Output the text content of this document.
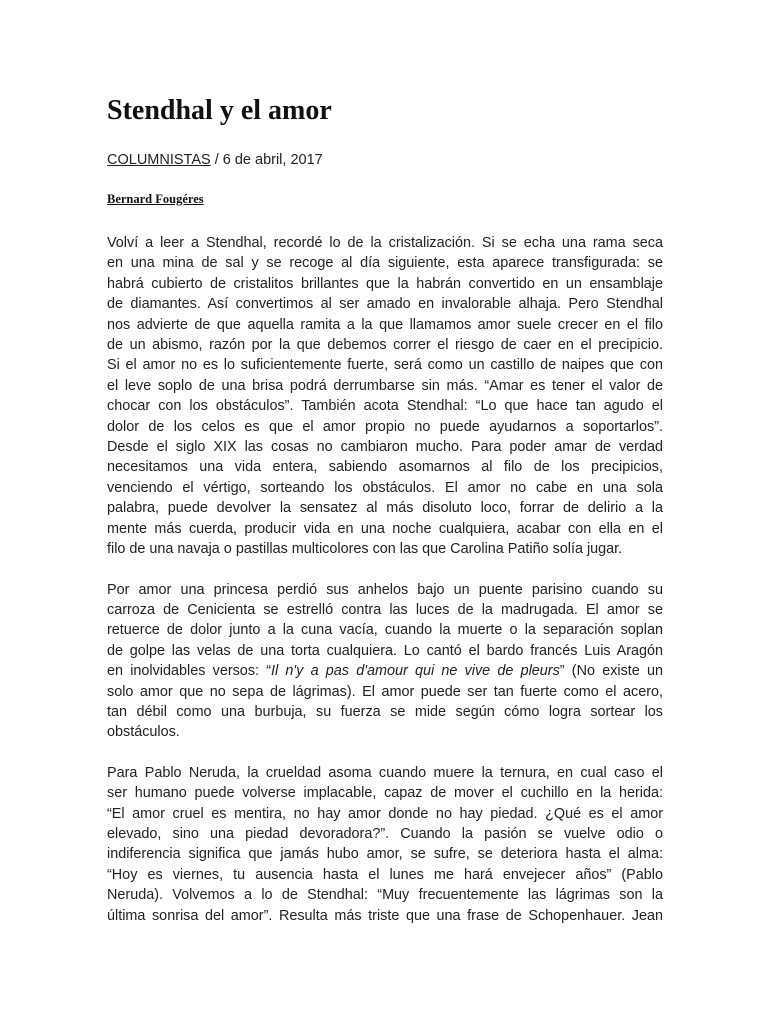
Stendhal y el amor
COLUMNISTAS / 6 de abril, 2017
Bernard Fougéres

Volví a leer a Stendhal, recordé lo de la cristalización. Si se echa una rama seca
en una mina de sal y se recoge al día siguiente, esta aparece transfigurada: se
habrá cubierto de cristalitos brillantes que la habrán convertido en un ensamblaje
de diamantes. Así convertimos al ser amado en invalorable alhaja. Pero Stendhal
nos advierte de que aquella ramita a la que llamamos amor suele crecer en el filo
de un abismo, razón por la que debemos correr el riesgo de caer en el precipicio.
Si el amor no es lo suficientemente fuerte, será como un castillo de naipes que con
el leve soplo de una brisa podrá derrumbarse sin más. “Amar es tener el valor de
chocar con los obstáculos”. También acota Stendhal: “Lo que hace tan agudo el
dolor de los celos es que el amor propio no puede ayudarnos a soportarlos”.
Desde el siglo XIX las cosas no cambiaron mucho. Para poder amar de verdad
necesitamos una vida entera, sabiendo asomarnos al filo de los precipicios,
venciendo el vértigo, sorteando los obstáculos. El amor no cabe en una sola
palabra, puede devolver la sensatez al más disoluto loco, forrar de delirio a la
mente más cuerda, producir vida en una noche cualquiera, acabar con ella en el
filo de una navaja o pastillas multicolores con las que Carolina Patiño solía jugar.

Por amor una princesa perdió sus anhelos bajo un puente parisino cuando su
carroza de Cenicienta se estrelló contra las luces de la madrugada. El amor se
retuerce de dolor junto a la cuna vacía, cuando la muerte o la separación soplan
de golpe las velas de una torta cualquiera. Lo cantó el bardo francés Luis Aragón
en inolvidables versos: “Il n'y a pas d'amour qui ne vive de pleurs” (No existe un
solo amor que no sepa de lágrimas). El amor puede ser tan fuerte como el acero,
tan débil como una burbuja, su fuerza se mide según cómo logra sortear los
obstáculos.

Para Pablo Neruda, la crueldad asoma cuando muere la ternura, en cual caso el
ser humano puede volverse implacable, capaz de mover el cuchillo en la herida:
“El amor cruel es mentira, no hay amor donde no hay piedad. ¿Qué es el amor
elevado, sino una piedad devoradora?”. Cuando la pasión se vuelve odio o
indiferencia significa que jamás hubo amor, se sufre, se deteriora hasta el alma:
“Hoy es viernes, tu ausencia hasta el lunes me hará envejecer años” (Pablo
Neruda). Volvemos a lo de Stendhal: “Muy frecuentemente las lágrimas son la
última sonrisa del amor”. Resulta más triste que una frase de Schopenhauer. Jean
